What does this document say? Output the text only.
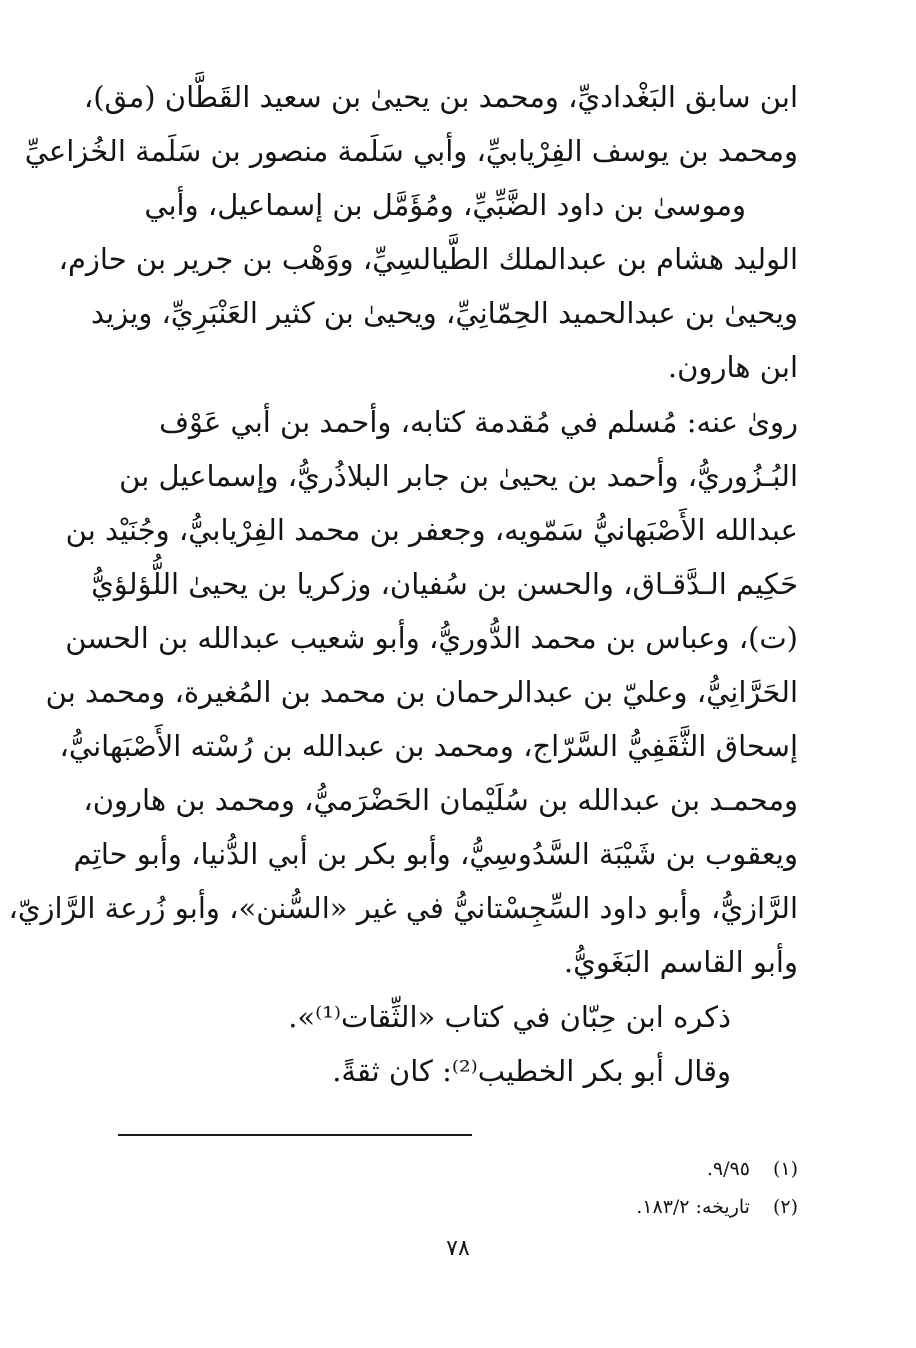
ابن سابق البَغْداديِّ، ومحمد بن يحيىٰ بن سعيد القَطَّان (مق)،
ومحمد بن يوسف الفِرْيابيِّ، وأبي سَلَمة منصور بن سَلَمة الخُزاعيِّ
وموسىٰ بن داود الضَّبِّيِّ، ومُؤَمَّل بن إسماعيل، وأبي
الوليد هشام بن عبدالملك الطَّيالسِيِّ، ووَهْب بن جرير بن حازم،
ويحيىٰ بن عبدالحميد الحِمّانِيِّ، ويحيىٰ بن كثير العَنْبَرِيِّ، ويزيد
ابن هارون.
رویٰ عنه: مُسلم في مُقدمة كتابه، وأحمد بن أبي عَوْف
البُـزُوريُّ، وأحمد بن يحيىٰ بن جابر البلاذُريُّ، وإسماعيل بن
عبدالله الأَصْبَهانيُّ سَمّويه، وجعفر بن محمد الفِرْيابيُّ، وجُنَيْد بن
حَكِيم الـدَّقـاق، والحسن بن سُفيان، وزكريا بن يحيىٰ اللُّؤلؤيُّ
(ت)، وعباس بن محمد الدُّوريُّ، وأبو شعيب عبدالله بن الحسن
الحَرَّانِيُّ، وعليّ بن عبدالرحمان بن محمد بن المُغيرة، ومحمد بن
إسحاق الثَّقَفِيُّ السَّرّاج، ومحمد بن عبدالله بن رُسْته الأَصْبَهانيُّ،
ومحمـد بن عبدالله بن سُلَيْمان الحَضْرَميُّ، ومحمد بن هارون،
ويعقوب بن شَيْبَة السَّدُوسِيُّ، وأبو بكر بن أبي الدُّنيا، وأبو حاتِم
الرَّازيُّ، وأبو داود السِّجِسْتانيُّ في غير «السُّنن»، وأبو زُرعة الرَّازيّ،
وأبو القاسم البَغَويُّ.
ذكره ابن حِبّان في كتاب «الثِّقات⁽¹⁾».
وقال أبو بكر الخطيب⁽²⁾: كان ثقةً.
(١) ٩/٩٥.
(٢) تاريخه: ١٨٣/٢.
٧٨
